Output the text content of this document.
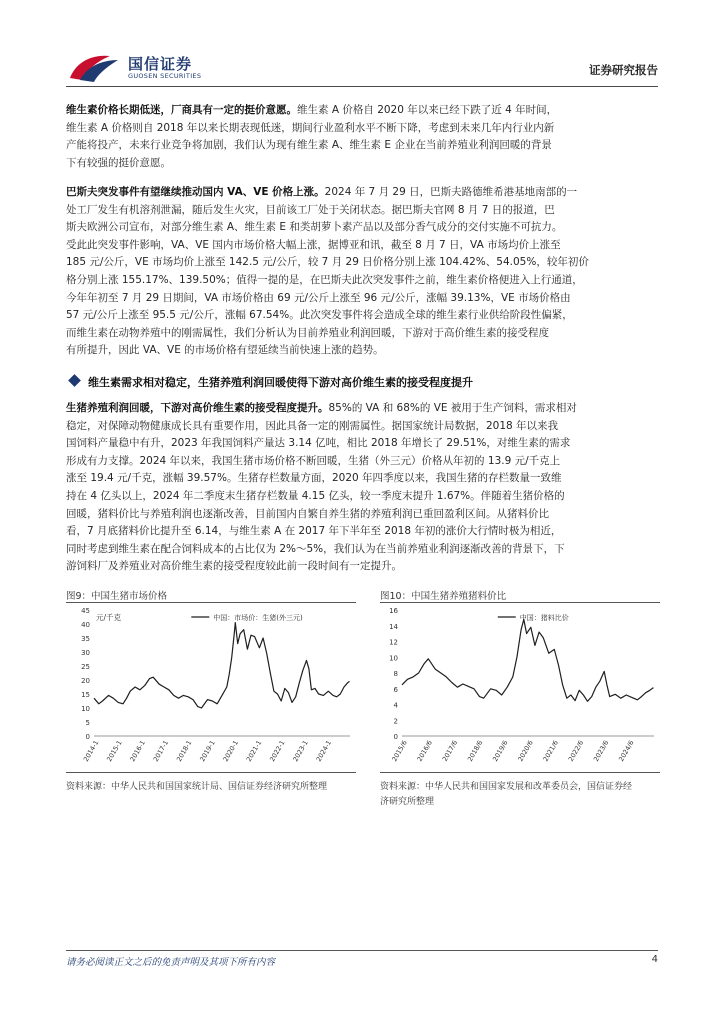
国信证券
GUOSEN SECURITIES	证券研究报告
维生素价格长期低迷，厂商具有一定的挺价意愿。维生素 A 价格自 2020 年以来已经下跌了近 4 年时间，
维生素 A 价格则自 2018 年以来长期表现低迷，期间行业盈利水平不断下降，考虑到未来几年内行业内新
产能将投产，未来行业竞争将加剧，我们认为现有维生素 A、维生素 E 企业在当前养殖业利润回暖的背景
下有较强的挺价意愿。
巴斯夫突发事件有望继续推动国内 VA、VE 价格上涨。2024 年 7 月 29 日，巴斯夫路德维希港基地南部的一
处工厂发生有机溶剂泄漏，随后发生火灾，目前该工厂处于关闭状态。据巴斯夫官网 8 月 7 日的报道，巴
斯夫欧洲公司宣布，对部分维生素 A、维生素 E 和类胡萝卜素产品以及部分香气成分的交付实施不可抗力。
受此此突发事件影响，VA、VE 国内市场价格大幅上涨，据博亚和讯，截至 8 月 7 日，VA 市场均价上涨至
185 元/公斤，VE 市场均价上涨至 142.5 元/公斤，较 7 月 29 日价格分别上涨 104.42%、54.05%，较年初价
格分别上涨 155.17%、139.50%；值得一提的是，在巴斯夫此次突发事件之前，维生素价格便进入上行通道，
今年年初至 7 月 29 日期间，VA 市场价格由 69 元/公斤上涨至 96 元/公斤，涨幅 39.13%，VE 市场价格由
57 元/公斤上涨至 95.5 元/公斤，涨幅 67.54%。此次突发事件将会造成全球的维生素行业供给阶段性偏紧，
而维生素在动物养殖中的刚需属性，我们分析认为目前养殖业利润回暖，下游对于高价维生素的接受程度
有所提升，因此 VA、VE 的市场价格有望延续当前快速上涨的趋势。
维生素需求相对稳定，生猪养殖利润回暖使得下游对高价维生素的接受程度提升
生猪养殖利润回暖，下游对高价维生素的接受程度提升。85%的 VA 和 68%的 VE 被用于生产饲料，需求相对
稳定，对保障动物健康成长具有重要作用，因此具备一定的刚需属性。据国家统计局数据，2018 年以来我
国饲料产量稳中有升，2023 年我国饲料产量达 3.14 亿吨，相比 2018 年增长了 29.51%，对维生素的需求
形成有力支撑。2024 年以来，我国生猪市场价格不断回暖，生猪（外三元）价格从年初的 13.9 元/千克上
涨至 19.4 元/千克，涨幅 39.57%。生猪存栏数量方面，2020 年四季度以来，我国生猪的存栏数量一致维
持在 4 亿头以上，2024 年二季度末生猪存栏数量 4.15 亿头，较一季度末提升 1.67%。伴随着生猪价格的
回暖，猪料价比与养殖利润也逐渐改善，目前国内自繁自养生猪的养殖利润已重回盈利区间。从猪料价比
看，7 月底猪料价比提升至 6.14，与维生素 A 在 2017 年下半年至 2018 年初的涨价大行情时极为相近，
同时考虑到维生素在配合饲料成本的占比仅为 2%～5%，我们认为在当前养殖业利润逐渐改善的背景下，下
游饲料厂及养殖业对高价维生素的接受程度较此前一段时间有一定提升。
图9：中国生猪市场价格
0
5
10
15
20
25
30
35
40
45
2014-1 2015-1 2016-1 2017-1 2018-1 2019-1 2020-1 2021-1 2022-1 2023-1 2024-1
元/千克	中国：市场价：生猪(外三元)
资料来源：中华人民共和国国家统计局、国信证券经济研究所整理
图10：中国生猪养殖猪料价比
0
2
4
6
8
10
12
14
16
2015/6 2016/6 2017/6 2018/6 2019/6 2020/6 2021/6 2022/6 2023/6 2024/6
中国：猪料比价
资料来源：中华人民共和国国家发展和改革委员会，国信证券经
济研究所整理
请务必阅读正文之后的免责声明及其项下所有内容	4
